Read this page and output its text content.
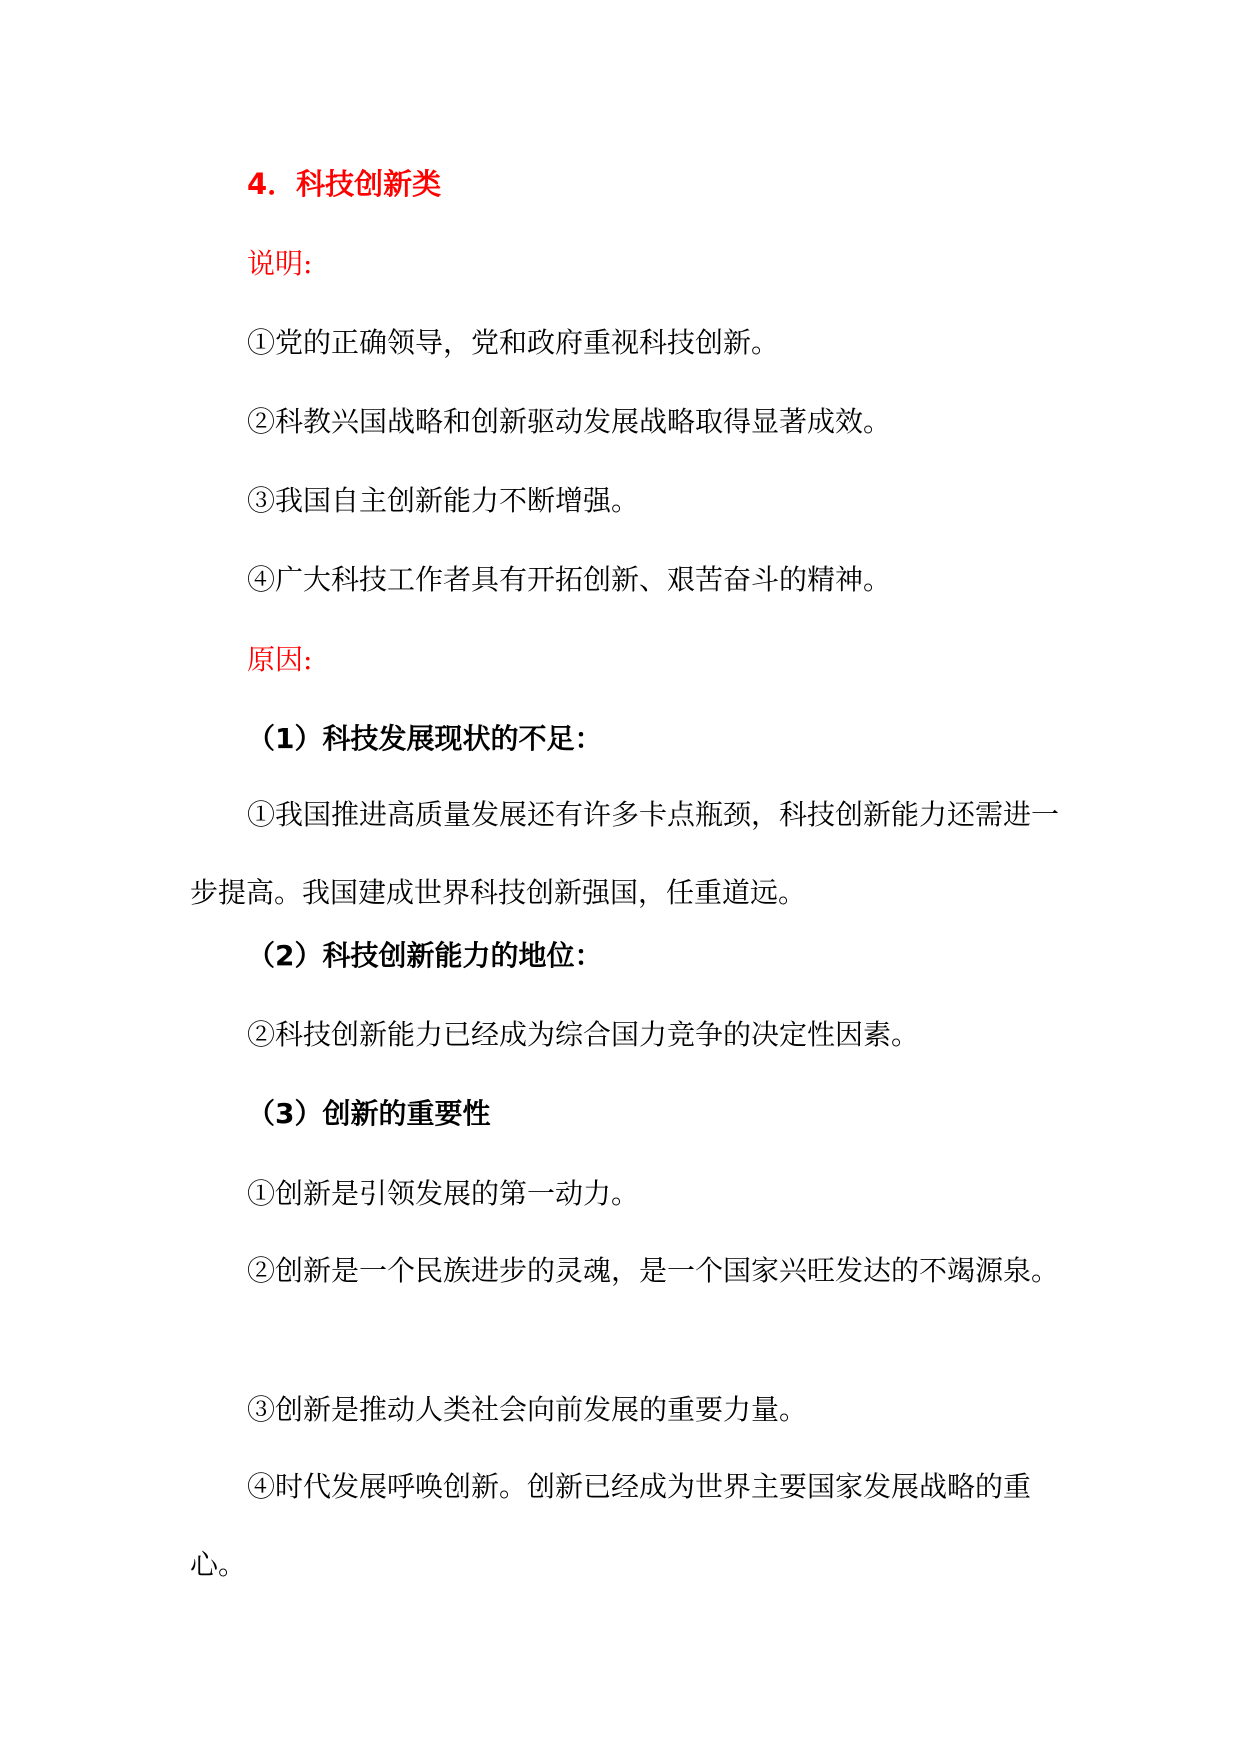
4．科技创新类
说明:
①党的正确领导，党和政府重视科技创新。
②科教兴国战略和创新驱动发展战略取得显著成效。
③我国自主创新能力不断增强。
④广大科技工作者具有开拓创新、艰苦奋斗的精神。
原因:
（1）科技发展现状的不足：
①我国推进高质量发展还有许多卡点瓶颈，科技创新能力还需进一步提高。我国建成世界科技创新强国，任重道远。
（2）科技创新能力的地位：
②科技创新能力已经成为综合国力竞争的决定性因素。
（3）创新的重要性
①创新是引领发展的第一动力。
②创新是一个民族进步的灵魂，是一个国家兴旺发达的不竭源泉。
③创新是推动人类社会向前发展的重要力量。
④时代发展呼唤创新。创新已经成为世界主要国家发展战略的重心。
